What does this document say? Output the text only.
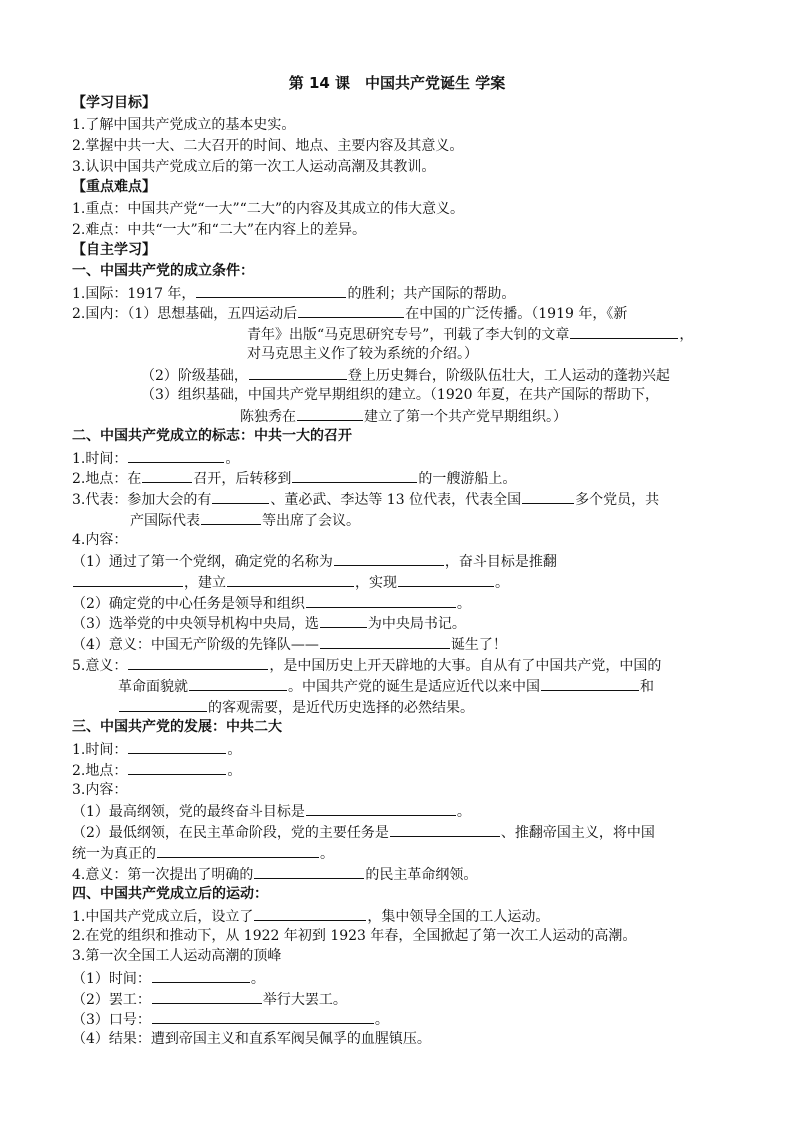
第 14 课　中国共产党诞生 学案
【学习目标】
1.了解中国共产党成立的基本史实。
2.掌握中共一大、二大召开的时间、地点、主要内容及其意义。
3.认识中国共产党成立后的第一次工人运动高潮及其教训。
【重点难点】
1.重点：中国共产党“一大”“二大”的内容及其成立的伟大意义。
2.难点：中共“一大”和“二大”在内容上的差异。
【自主学习】
一、中国共产党的成立条件：
1.国际：1917 年，	的胜利；共产国际的帮助。
2.国内：（1）思想基础，五四运动后	在中国的广泛传播。（1919 年，《新
青年》出版“马克思研究专号”，刊载了李大钊的文章	，
对马克思主义作了较为系统的介绍。）
（2）阶级基础，	登上历史舞台，阶级队伍壮大，工人运动的蓬勃兴起
（3）组织基础，中国共产党早期组织的建立。（1920 年夏，在共产国际的帮助下，
陈独秀在	建立了第一个共产党早期组织。）
二、中国共产党成立的标志：中共一大的召开
1.时间：	。
2.地点：在	召开，后转移到	的一艘游船上。
3.代表：参加大会的有	、董必武、李达等 13 位代表，代表全国	多个党员，共
产国际代表	等出席了会议。
4.内容：
（1）通过了第一个党纲，确定党的名称为	，奋斗目标是推翻
，建立	，实现	。
（2）确定党的中心任务是领导和组织	。
（3）选举党的中央领导机构中央局，选	为中央局书记。
（4）意义：中国无产阶级的先锋队——	诞生了！
5.意义：	，是中国历史上开天辟地的大事。自从有了中国共产党，中国的
革命面貌就	。中国共产党的诞生是适应近代以来中国	和
的客观需要，是近代历史选择的必然结果。
三、中国共产党的发展：中共二大
1.时间：	。
2.地点：	。
3.内容：
（1）最高纲领，党的最终奋斗目标是	。
（2）最低纲领，在民主革命阶段，党的主要任务是	、推翻帝国主义，将中国
统一为真正的	。
4.意义：第一次提出了明确的	的民主革命纲领。
四、中国共产党成立后的运动：
1.中国共产党成立后，设立了	，集中领导全国的工人运动。
2.在党的组织和推动下，从 1922 年初到 1923 年春，全国掀起了第一次工人运动的高潮。
3.第一次全国工人运动高潮的顶峰
（1）时间：	。
（2）罢工：	举行大罢工。
（3）口号：	。
（4）结果：遭到帝国主义和直系军阀吴佩孚的血腥镇压。
